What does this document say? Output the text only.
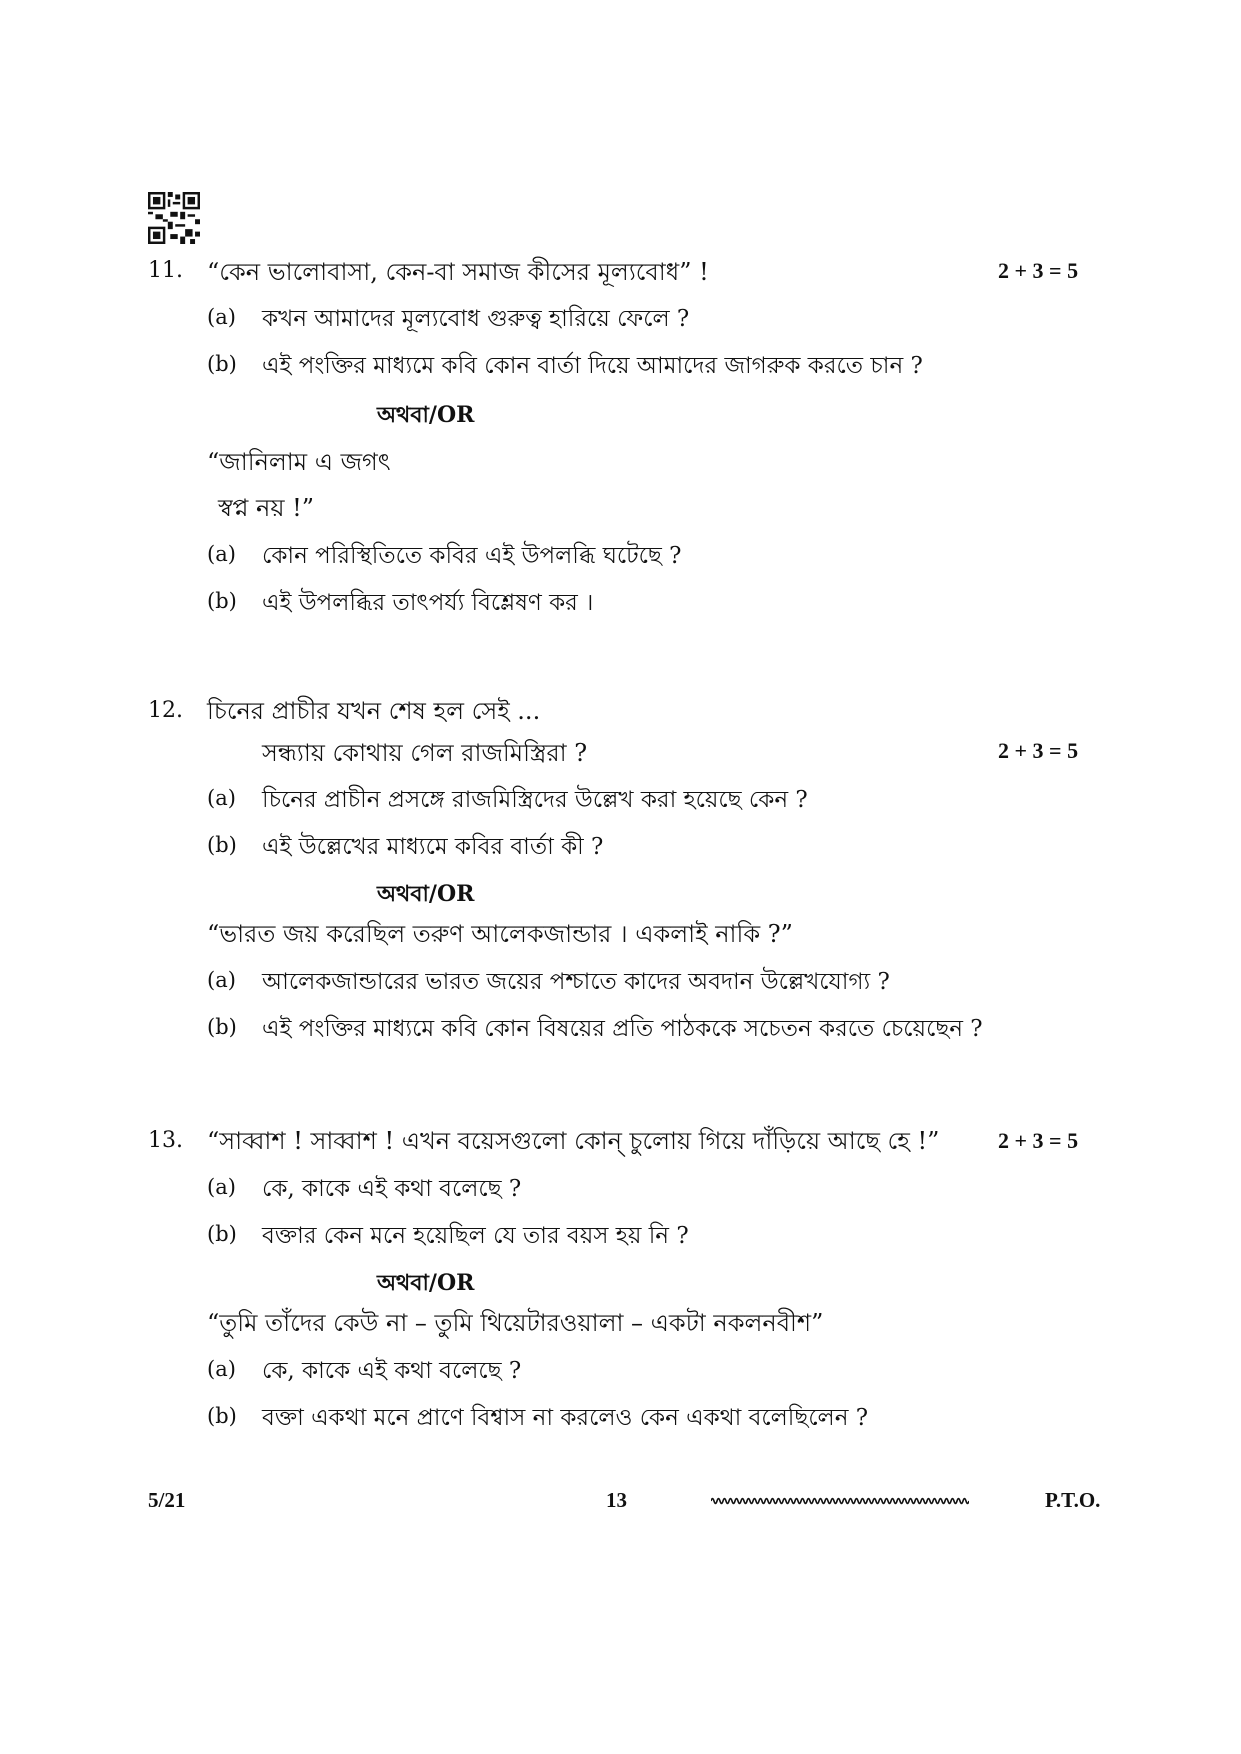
11. “কেন ভালোবাসা, কেন-বা সমাজ কীসের মূল্যবোধ” !	2 + 3 = 5
(a) কখন আমাদের মূল্যবোধ গুরুত্ব হারিয়ে ফেলে ?
(b) এই পংক্তির মাধ্যমে কবি কোন বার্তা দিয়ে আমাদের জাগরুক করতে চান ?
অথবা/OR
“জানিলাম এ জগৎ
স্বপ্ন নয় !”
(a) কোন পরিস্থিতিতে কবির এই উপলব্ধি ঘটেছে ?
(b) এই উপলব্ধির তাৎপর্য্য বিশ্লেষণ কর ।
12. চিনের প্রাচীর যখন শেষ হল সেই ...
সন্ধ্যায় কোথায় গেল রাজমিস্ত্রিরা ?	2 + 3 = 5
(a) চিনের প্রাচীন প্রসঙ্গে রাজমিস্ত্রিদের উল্লেখ করা হয়েছে কেন ?
(b) এই উল্লেখের মাধ্যমে কবির বার্তা কী ?
অথবা/OR
“ভারত জয় করেছিল তরুণ আলেকজান্ডার । একলাই নাকি ?”
(a) আলেকজান্ডারের ভারত জয়ের পশ্চাতে কাদের অবদান উল্লেখযোগ্য ?
(b) এই পংক্তির মাধ্যমে কবি কোন বিষয়ের প্রতি পাঠককে সচেতন করতে চেয়েছেন ?
13. “সাব্বাশ ! সাব্বাশ ! এখন বয়েসগুলো কোন্ চুলোয় গিয়ে দাঁড়িয়ে আছে হে !”	2 + 3 = 5
(a) কে, কাকে এই কথা বলেছে ?
(b) বক্তার কেন মনে হয়েছিল যে তার বয়স হয় নি ?
অথবা/OR
“তুমি তাঁদের কেউ না – তুমি থিয়েটারওয়ালা – একটা নকলনবীশ”
(a) কে, কাকে এই কথা বলেছে ?
(b) বক্তা একথা মনে প্রাণে বিশ্বাস না করলেও কেন একথা বলেছিলেন ?
5/21	13	P.T.O.
